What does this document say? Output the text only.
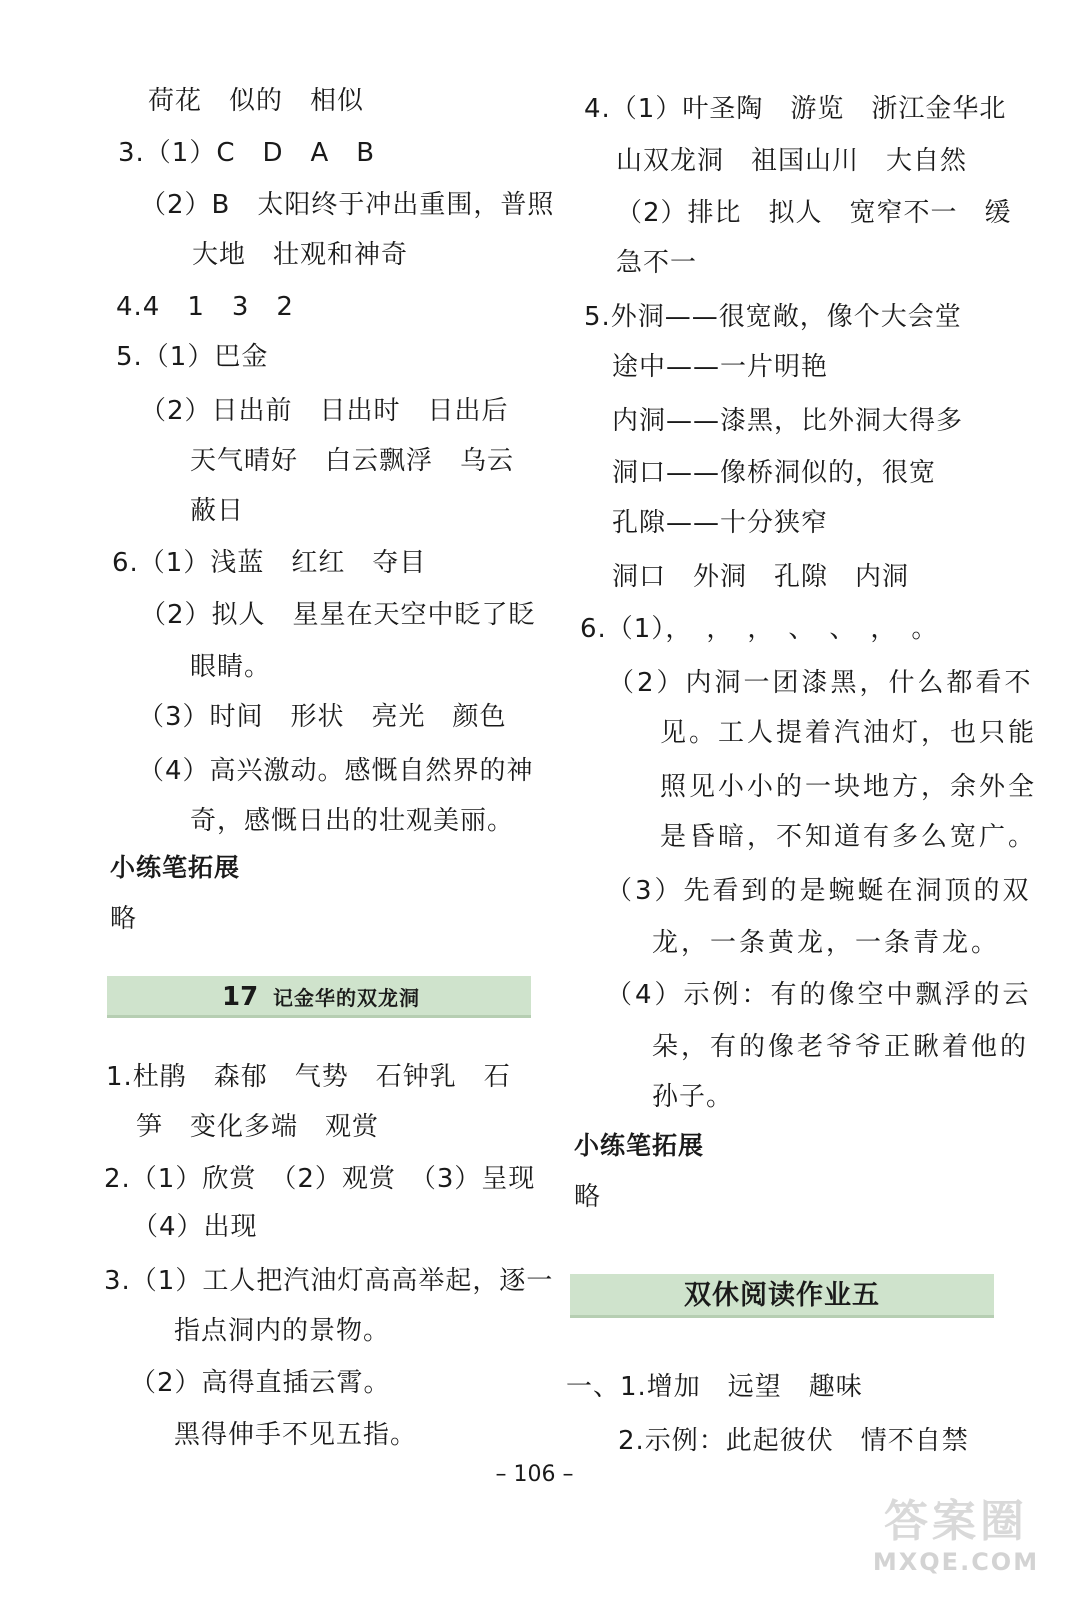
荷花　似的　相似
3.（1）C　D　A　B
（2）B　太阳终于冲出重围，普照
大地　壮观和神奇
4.4　1　3　2
5.（1）巴金
（2）日出前　日出时　日出后
天气晴好　白云飘浮　乌云
蔽日
6.（1）浅蓝　红红　夺目
（2）拟人　星星在天空中眨了眨
眼睛。
（3）时间　形状　亮光　颜色
（4）高兴激动。感慨自然界的神
奇，感慨日出的壮观美丽。
小练笔拓展
略
17 记金华的双龙洞
1.杜鹃　森郁　气势　石钟乳　石
笋　变化多端　观赏
2.（1）欣赏　（2）观赏　（3）呈现
（4）出现
3.（1）工人把汽油灯高高举起，逐一
指点洞内的景物。
（2）高得直插云霄。
黑得伸手不见五指。
4.（1）叶圣陶　游览　浙江金华北
山双龙洞　祖国山川　大自然
（2）排比　拟人　宽窄不一　缓
急不一
5.外洞——很宽敞，像个大会堂
途中——一片明艳
内洞——漆黑，比外洞大得多
洞口——像桥洞似的，很宽
孔隙——十分狭窄
洞口　外洞　孔隙　内洞
6.（1），　，　，　、　、　，　。
（2）内洞一团漆黑，什么都看不
见。工人提着汽油灯，也只能
照见小小的一块地方，余外全
是昏暗，不知道有多么宽广。
（3）先看到的是蜿蜒在洞顶的双
龙，一条黄龙，一条青龙。
（4）示例：有的像空中飘浮的云
朵，有的像老爷爷正瞅着他的
孙子。
小练笔拓展
略
双休阅读作业五
一、1.增加　远望　趣味
2.示例：此起彼伏　情不自禁
– 106 –
答案圈
MXQE.COM
